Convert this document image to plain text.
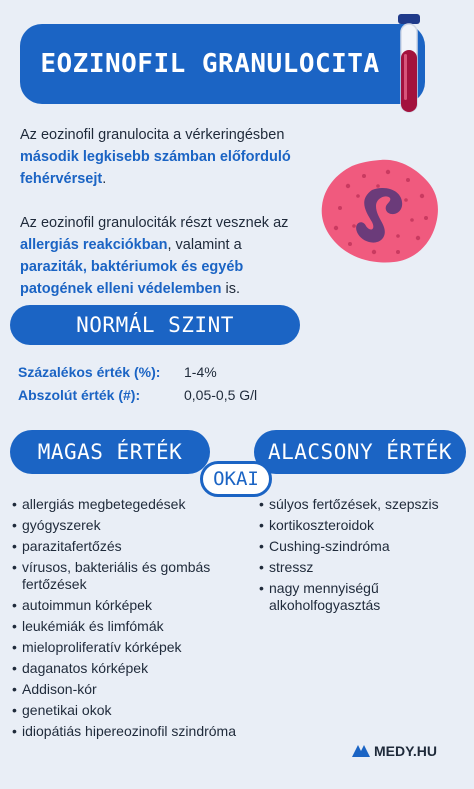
EOZINOFIL GRANULOCITA

Az eozinofil granulocita a vérkeringésben második legkisebb számban előforduló fehérvérsejt.

Az eozinofil granulociták részt vesznek az allergiás reakciókban, valamint a paraziták, baktériumok és egyéb patogének elleni védelemben is.

NORMÁL SZINT
Százalékos érték (%):	1-4%
Abszolút érték (#):	0,05-0,5 G/l
MAGAS ÉRTÉK	ALACSONY ÉRTÉK
OKAI
• allergiás megbetegedések
• gyógyszerek
• parazitafertőzés
• vírusos, bakteriális és gombás fertőzések
• autoimmun kórképek
• leukémiák és limfómák
• mieloproliferatív kórképek
• daganatos kórképek
• Addison-kór
• genetikai okok
• idiopátiás hipereozinofil szindróma
• súlyos fertőzések, szepszis
• kortikoszteroidok
• Cushing-szindróma
• stressz
• nagy mennyiségű alkoholfogyasztás
MEDY.HU
